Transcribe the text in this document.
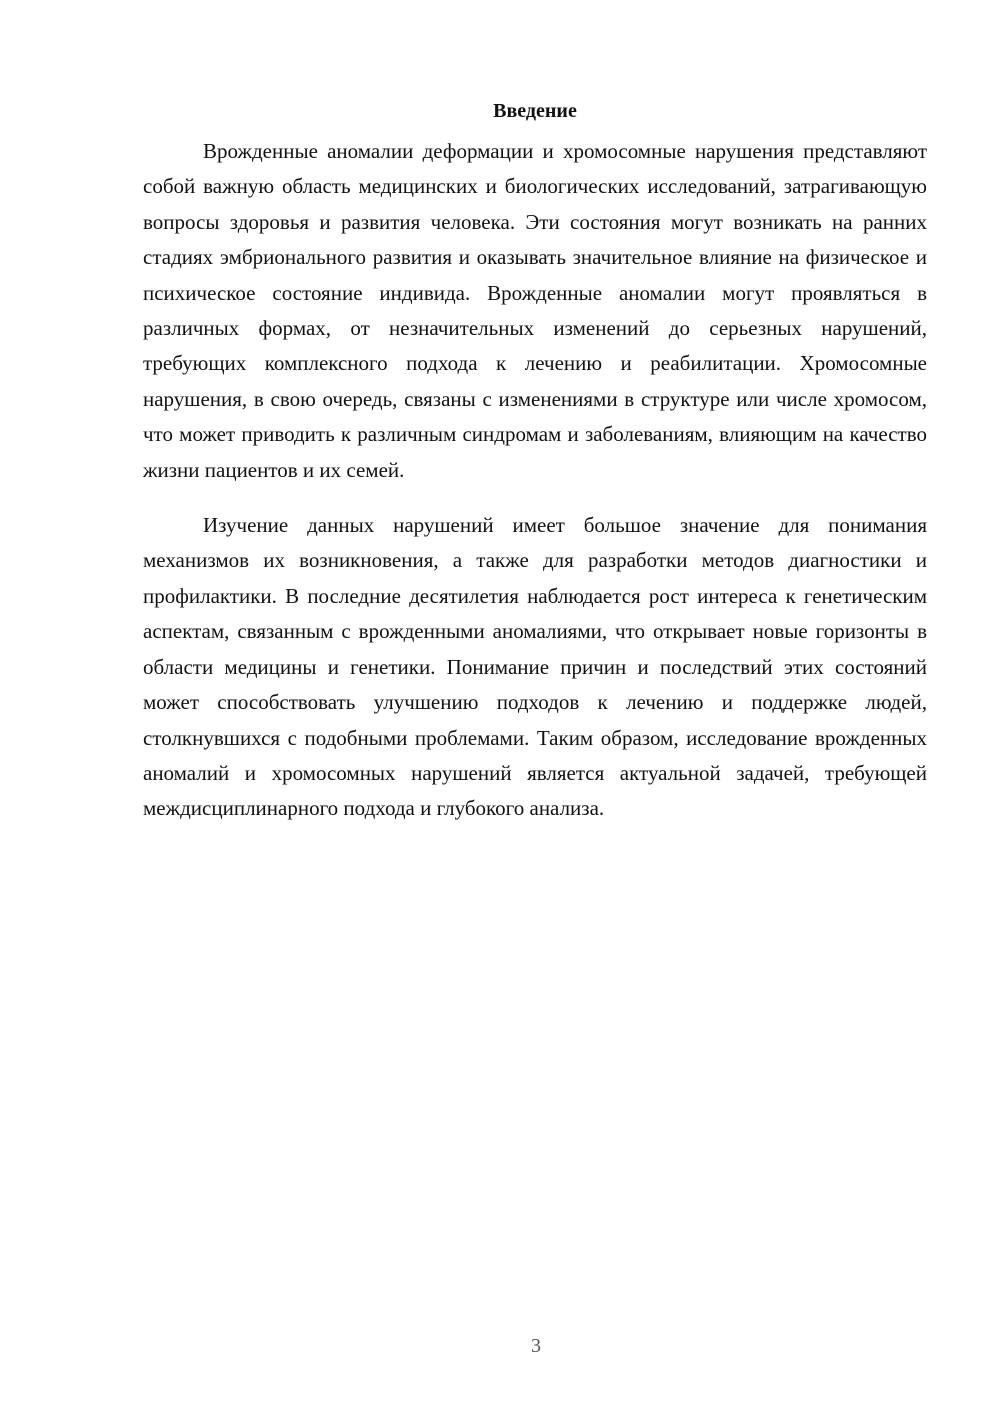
Введение

Врожденные аномалии деформации и хромосомные нарушения представляют собой важную область медицинских и биологических исследований, затрагивающую вопросы здоровья и развития человека. Эти состояния могут возникать на ранних стадиях эмбрионального развития и оказывать значительное влияние на физическое и психическое состояние индивида. Врожденные аномалии могут проявляться в различных формах, от незначительных изменений до серьезных нарушений, требующих комплексного подхода к лечению и реабилитации. Хромосомные нарушения, в свою очередь, связаны с изменениями в структуре или числе хромосом, что может приводить к различным синдромам и заболеваниям, влияющим на качество жизни пациентов и их семей.

Изучение данных нарушений имеет большое значение для понимания механизмов их возникновения, а также для разработки методов диагностики и профилактики. В последние десятилетия наблюдается рост интереса к генетическим аспектам, связанным с врожденными аномалиями, что открывает новые горизонты в области медицины и генетики. Понимание причин и последствий этих состояний может способствовать улучшению подходов к лечению и поддержке людей, столкнувшихся с подобными проблемами. Таким образом, исследование врожденных аномалий и хромосомных нарушений является актуальной задачей, требующей междисциплинарного подхода и глубокого анализа.

3
